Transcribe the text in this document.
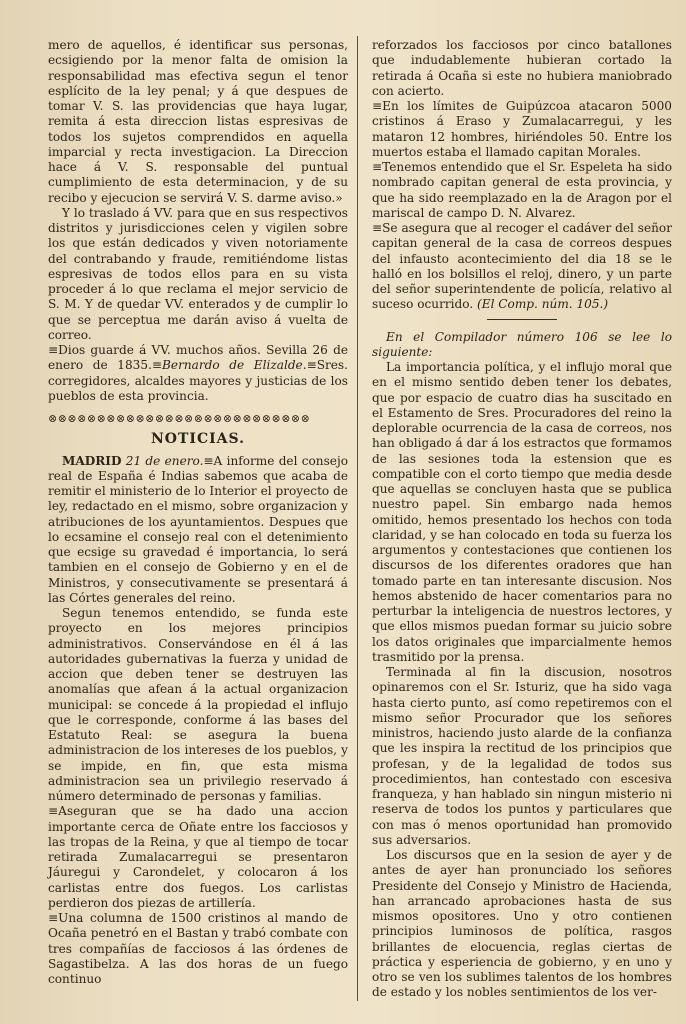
mero de aquellos, é identificar sus personas, ecsigiendo por la menor falta de omision la responsabilidad mas efectiva segun el tenor esplícito de la ley penal; y á que despues de tomar V. S. las providencias que haya lugar, remita á esta direccion listas espresivas de todos los sujetos comprendidos en aquella imparcial y recta investigacion. La Direccion hace á V. S. responsable del puntual cumplimiento de esta determinacion, y de su recibo y ejecucion se servirá V. S. darme aviso.»

Y lo traslado á VV. para que en sus respectivos distritos y jurisdicciones celen y vigilen sobre los que están dedicados y viven notoriamente del contrabando y fraude, remitiéndome listas espresivas de todos ellos para en su vista proceder á lo que reclama el mejor servicio de S. M. Y de quedar VV. enterados y de cumplir lo que se perceptua me darán aviso á vuelta de correo.

≡Dios guarde á VV. muchos años. Sevilla 26 de enero de 1835.≡Bernardo de Elizalde.≡Sres. corregidores, alcaldes mayores y justicias de los pueblos de esta provincia.

⊗⊗⊗⊗⊗⊗⊗⊗⊗⊗⊗⊗⊗⊗⊗⊗⊗⊗⊗⊗⊗⊗⊗⊗⊗⊗⊗
NOTICIAS.

MADRID 21 de enero.≡A informe del consejo real de España é Indias sabemos que acaba de remitir el ministerio de lo Interior el proyecto de ley, redactado en el mismo, sobre organizacion y atribuciones de los ayuntamientos. Despues que lo ecsamine el consejo real con el detenimiento que ecsige su gravedad é importancia, lo será tambien en el consejo de Gobierno y en el de Ministros, y consecutivamente se presentará á las Córtes generales del reino.

Segun tenemos entendido, se funda este proyecto en los mejores principios administrativos. Conservándose en él á las autoridades gubernativas la fuerza y unidad de accion que deben tener se destruyen las anomalías que afean á la actual organizacion municipal: se concede á la propiedad el influjo que le corresponde, conforme á las bases del Estatuto Real: se asegura la buena administracion de los intereses de los pueblos, y se impide, en fin, que esta misma administracion sea un privilegio reservado á número determinado de personas y familias.

≡Aseguran que se ha dado una accion importante cerca de Oñate entre los facciosos y las tropas de la Reina, y que al tiempo de tocar retirada Zumalacarregui se presentaron Jáuregui y Carondelet, y colocaron á los carlistas entre dos fuegos. Los carlistas perdieron dos piezas de artillería.

≡Una columna de 1500 cristinos al mando de Ocaña penetró en el Bastan y trabó combate con tres compañías de facciosos á las órdenes de Sagastibelza. A las dos horas de un fuego continuo

reforzados los facciosos por cinco batallones que indudablemente hubieran cortado la retirada á Ocaña si este no hubiera maniobrado con acierto.

≡En los límites de Guipúzcoa atacaron 5000 cristinos á Eraso y Zumalacarregui, y les mataron 12 hombres, hiriéndoles 50. Entre los muertos estaba el llamado capitan Morales.

≡Tenemos entendido que el Sr. Espeleta ha sido nombrado capitan general de esta provincia, y que ha sido reemplazado en la de Aragon por el mariscal de campo D. N. Alvarez.

≡Se asegura que al recoger el cadáver del señor capitan general de la casa de correos despues del infausto acontecimiento del dia 18 se le halló en los bolsillos el reloj, dinero, y un parte del señor superintendente de policía, relativo al suceso ocurrido. (El Comp. núm. 105.)

En el Compilador número 106 se lee lo siguiente:

La importancia política, y el influjo moral que en el mismo sentido deben tener los debates, que por espacio de cuatro dias ha suscitado en el Estamento de Sres. Procuradores del reino la deplorable ocurrencia de la casa de correos, nos han obligado á dar á los estractos que formamos de las sesiones toda la estension que es compatible con el corto tiempo que media desde que aquellas se concluyen hasta que se publica nuestro papel. Sin embargo nada hemos omitido, hemos presentado los hechos con toda claridad, y se han colocado en toda su fuerza los argumentos y contestaciones que contienen los discursos de los diferentes oradores que han tomado parte en tan interesante discusion. Nos hemos abstenido de hacer comentarios para no perturbar la inteligencia de nuestros lectores, y que ellos mismos puedan formar su juicio sobre los datos originales que imparcialmente hemos trasmitido por la prensa.

Terminada al fin la discusion, nosotros opinaremos con el Sr. Isturiz, que ha sido vaga hasta cierto punto, así como repetiremos con el mismo señor Procurador que los señores ministros, haciendo justo alarde de la confianza que les inspira la rectitud de los principios que profesan, y de la legalidad de todos sus procedimientos, han contestado con escesiva franqueza, y han hablado sin ningun misterio ni reserva de todos los puntos y particulares que con mas ó menos oportunidad han promovido sus adversarios.

Los discursos que en la sesion de ayer y de antes de ayer han pronunciado los señores Presidente del Consejo y Ministro de Hacienda, han arrancado aprobaciones hasta de sus mismos opositores. Uno y otro contienen principios luminosos de política, rasgos brillantes de elocuencia, reglas ciertas de práctica y esperiencia de gobierno, y en uno y otro se ven los sublimes talentos de los hombres de estado y los nobles sentimientos de los ver-
